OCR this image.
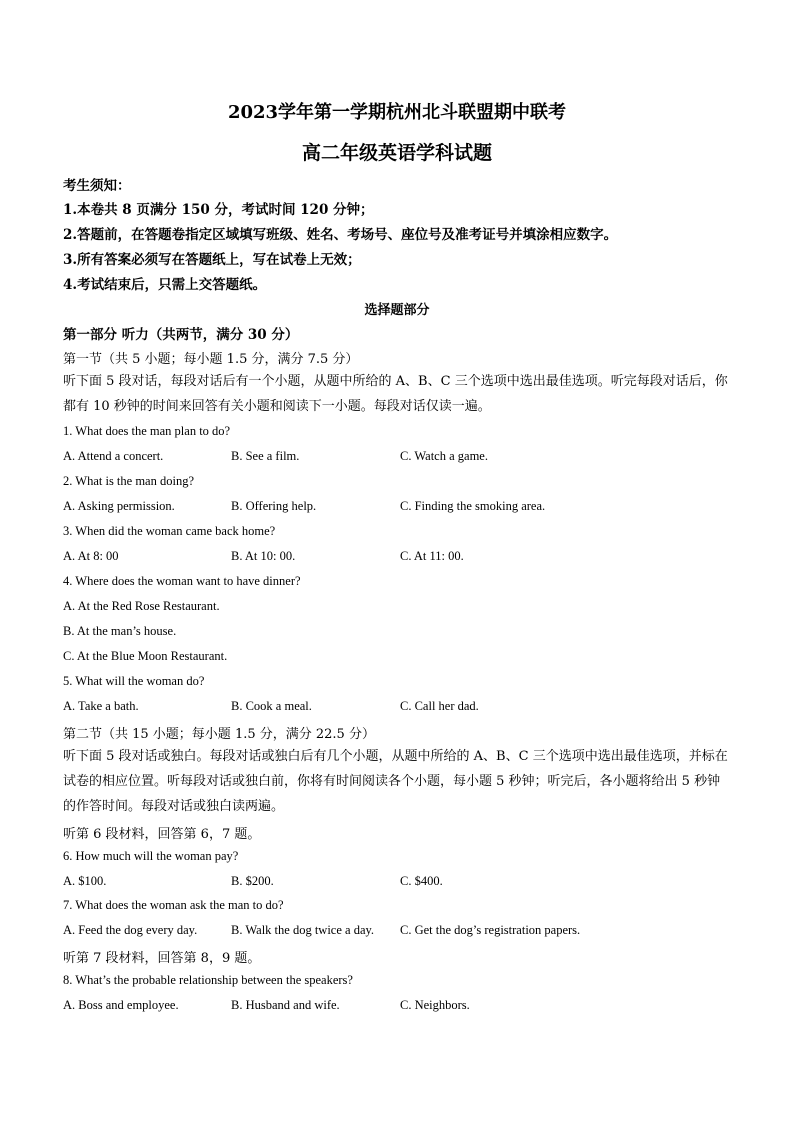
2023学年第一学期杭州北斗联盟期中联考
高二年级英语学科试题
考生须知：
1.本卷共 8 页满分 150 分，考试时间 120 分钟；
2.答题前，在答题卷指定区域填写班级、姓名、考场号、座位号及准考证号并填涂相应数字。
3.所有答案必须写在答题纸上，写在试卷上无效；
4.考试结束后，只需上交答题纸。
选择题部分
第一部分 听力（共两节，满分 30 分）
第一节（共 5 小题；每小题 1.5 分，满分 7.5 分）
听下面 5 段对话，每段对话后有一个小题，从题中所给的 A、B、C 三个选项中选出最佳选项。听完每段对话后，你都有 10 秒钟的时间来回答有关小题和阅读下一小题。每段对话仅读一遍。
1. What does the man plan to do?
A. Attend a concert.	B. See a film.	C. Watch a game.
2. What is the man doing?
A. Asking permission.	B. Offering help.	C. Finding the smoking area.
3. When did the woman came back home?
A. At 8: 00	B. At 10: 00.	C. At 11: 00.
4. Where does the woman want to have dinner?
A. At the Red Rose Restaurant.
B. At the man’s house.
C. At the Blue Moon Restaurant.
5. What will the woman do?
A. Take a bath.	B. Cook a meal.	C. Call her dad.
第二节（共 15 小题；每小题 1.5 分，满分 22.5 分）
听下面 5 段对话或独白。每段对话或独白后有几个小题，从题中所给的 A、B、C 三个选项中选出最佳选项，并标在试卷的相应位置。听每段对话或独白前，你将有时间阅读各个小题，每小题 5 秒钟；听完后，各小题将给出 5 秒钟的作答时间。每段对话或独白读两遍。
听第 6 段材料，回答第 6，7 题。
6. How much will the woman pay?
A. $100.	B. $200.	C. $400.
7. What does the woman ask the man to do?
A. Feed the dog every day.	B. Walk the dog twice a day. C. Get the dog’s registration papers.
听第 7 段材料，回答第 8，9 题。
8. What’s the probable relationship between the speakers?
A. Boss and employee.	B. Husband and wife.	C. Neighbors.
